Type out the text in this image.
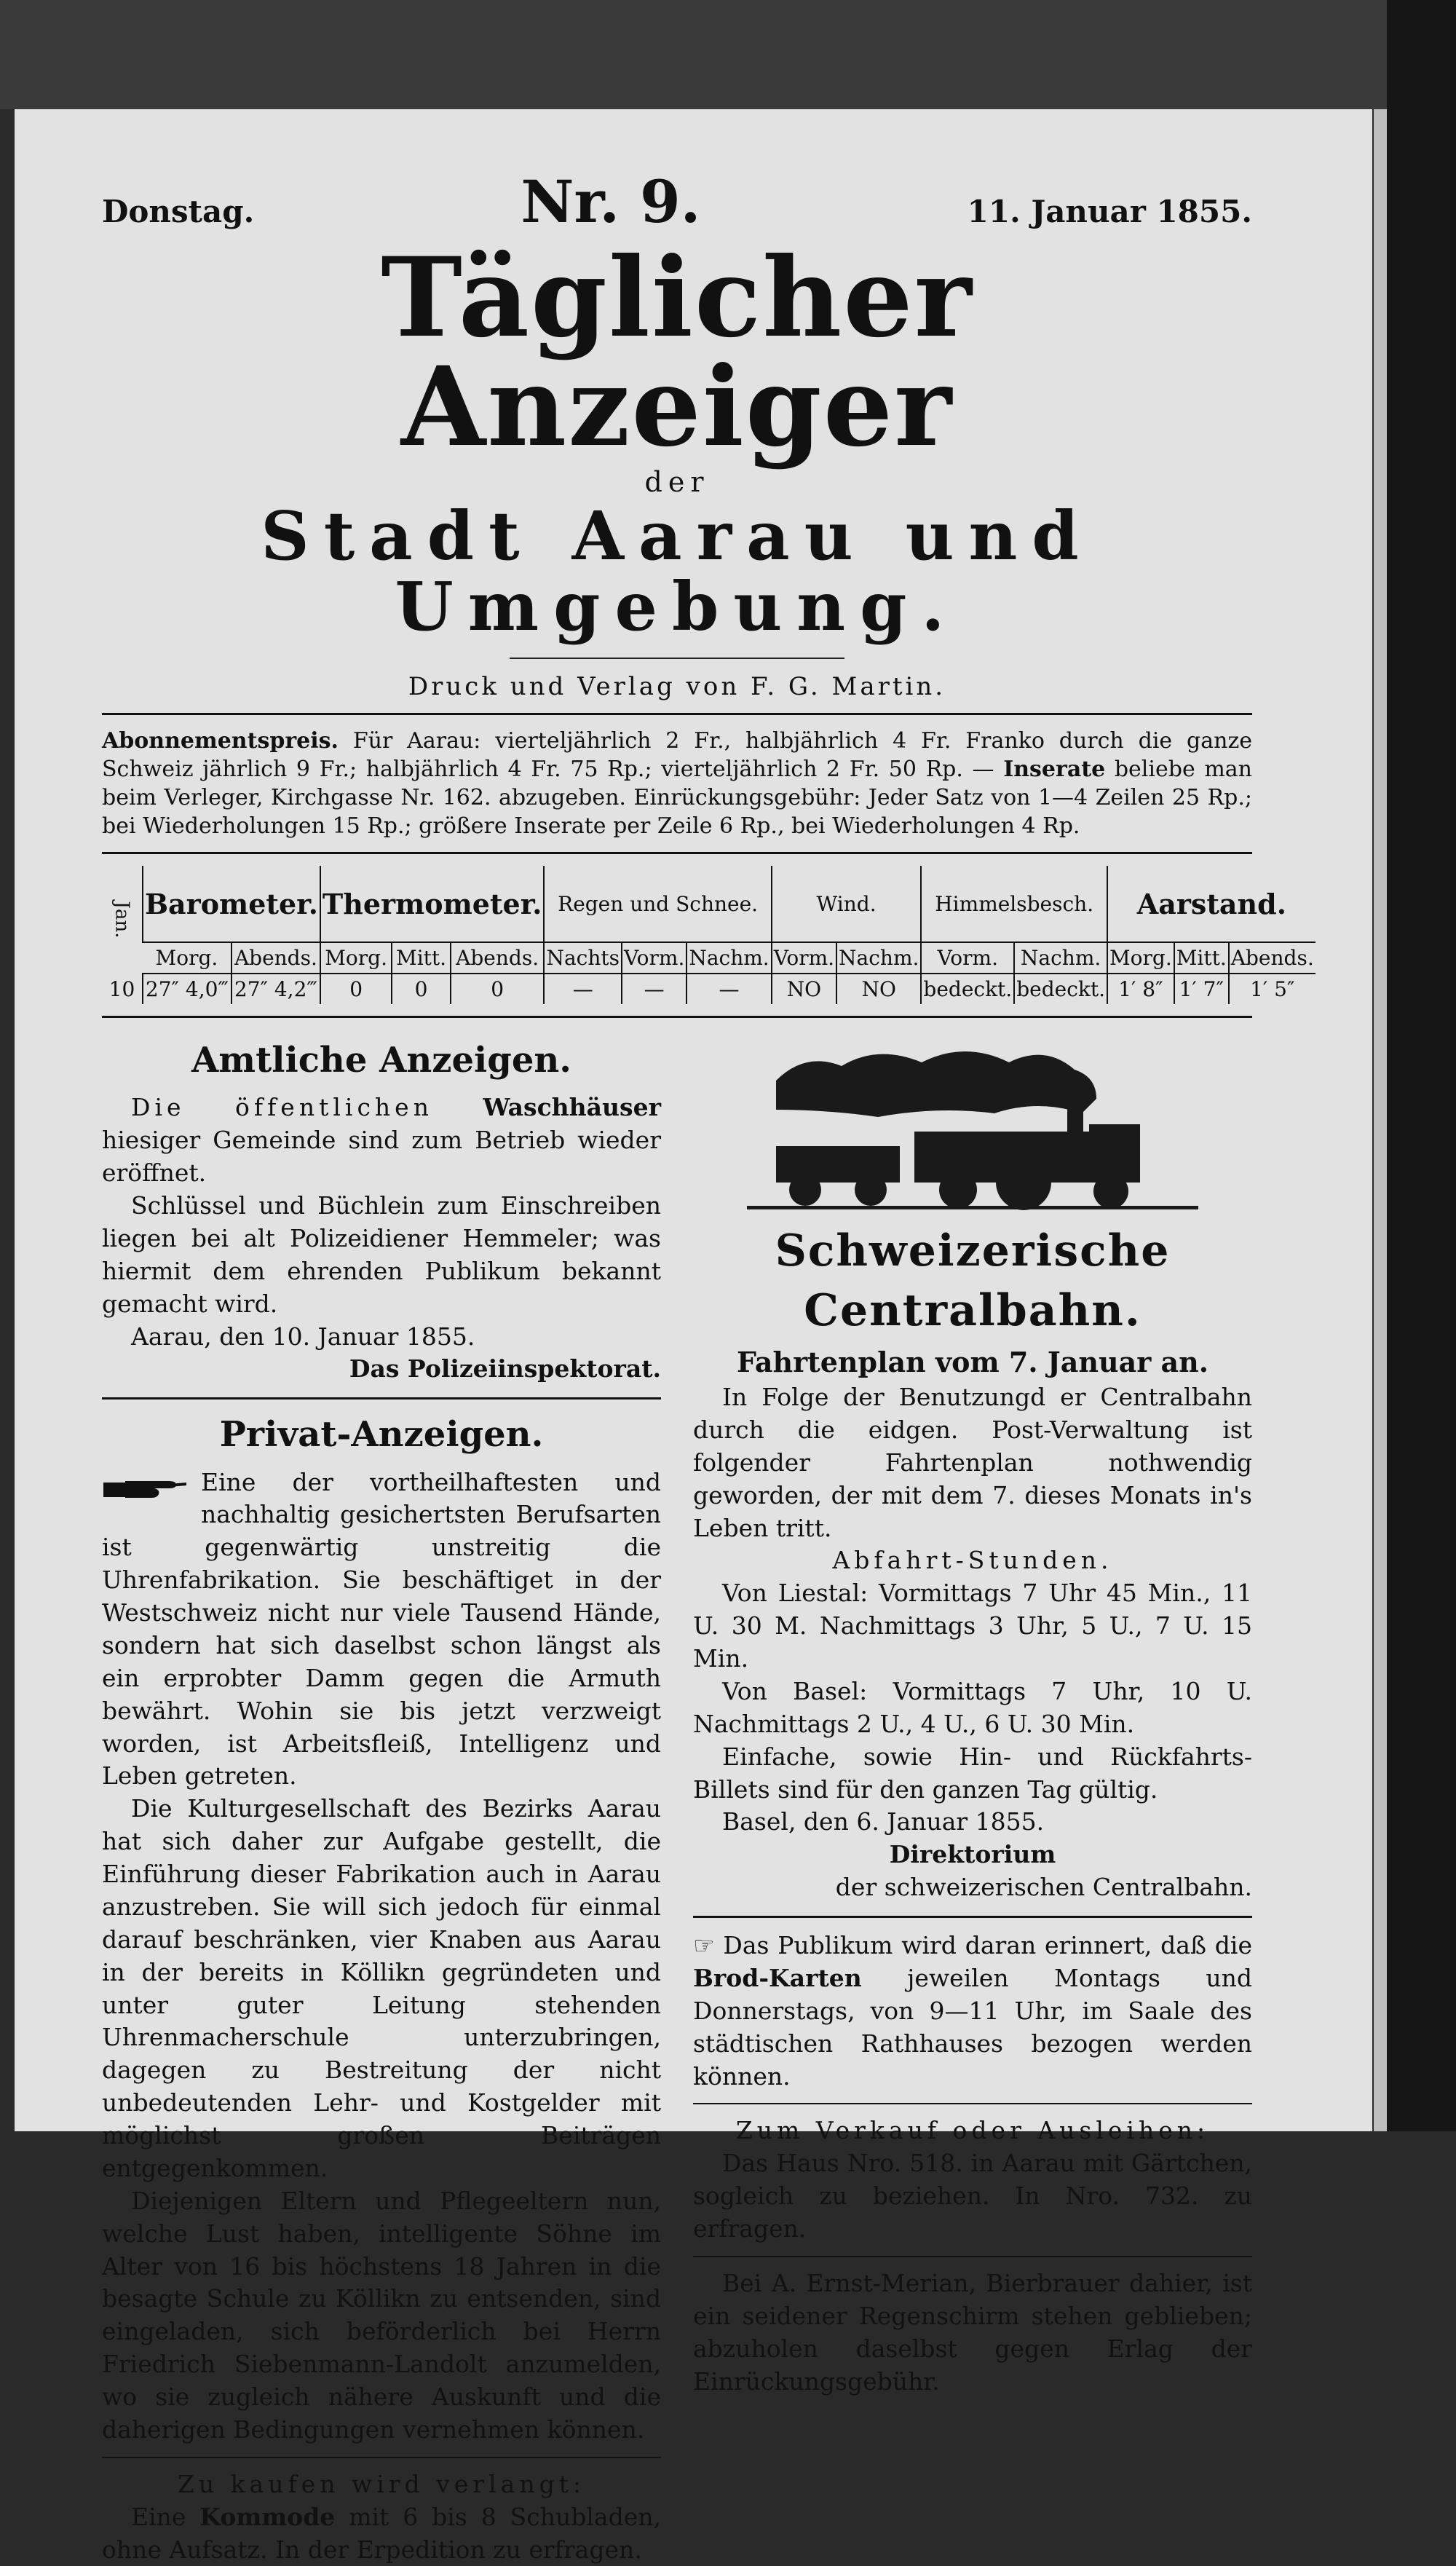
Donstag.	Nr. 9.	11. Januar 1855.
Täglicher Anzeiger
der
Stadt Aarau und Umgebung.
Druck und Verlag von F. G. Martin.
Abonnementspreis. Für Aarau: vierteljährlich 2 Fr., halbjährlich 4 Fr. Franko durch die ganze Schweiz jährlich 9 Fr.; halbjährlich 4 Fr. 75 Rp.; vierteljährlich 2 Fr. 50 Rp. — Inserate beliebe man beim Verleger, Kirchgasse Nr. 162. abzugeben. Einrückungsgebühr: Jeder Satz von 1—4 Zeilen 25 Rp.; bei Wiederholungen 15 Rp.; größere Inserate per Zeile 6 Rp., bei Wiederholungen 4 Rp.
Jan.	Barometer.		Thermometer.			Regen und Schnee.			Wind.		Himmelsbesch.		Aarstand.		
	Morg.	Abends.	Morg.	Mitt.	Abends.	Nachts	Vorm.	Nachm.	Vorm.	Nachm.	Vorm.	Nachm.	Morg.	Mitt.	Abends.
10	27″ 4,0‴	27″ 4,2‴	0	0	0	—	—	—	NO	NO	bedeckt.	bedeckt.	1′ 8″	1′ 7″	1′ 5″
Amtliche Anzeigen.

Die öffentlichen Waschhäuser hiesiger Gemeinde sind zum Betrieb wieder eröffnet.

Schlüssel und Büchlein zum Einschreiben liegen bei alt Polizeidiener Hemmeler; was hiermit dem ehrenden Publikum bekannt gemacht wird.

Aarau, den 10. Januar 1855.

Das Polizeiinspektorat.

Privat-Anzeigen.

Eine der vortheilhaftesten und nachhaltig gesichertsten Berufsarten ist gegenwärtig unstreitig die Uhrenfabrikation. Sie beschäftiget in der Westschweiz nicht nur viele Tausend Hände, sondern hat sich daselbst schon längst als ein erprobter Damm gegen die Armuth bewährt. Wohin sie bis jetzt verzweigt worden, ist Arbeitsfleiß, Intelligenz und Leben getreten.

Die Kulturgesellschaft des Bezirks Aarau hat sich daher zur Aufgabe gestellt, die Einführung dieser Fabrikation auch in Aarau anzustreben. Sie will sich jedoch für einmal darauf beschränken, vier Knaben aus Aarau in der bereits in Köllikn gegründeten und unter guter Leitung stehenden Uhrenmacherschule unterzubringen, dagegen zu Bestreitung der nicht unbedeutenden Lehr- und Kostgelder mit möglichst großen Beiträgen entgegenkommen.

Diejenigen Eltern und Pflegeeltern nun, welche Lust haben, intelligente Söhne im Alter von 16 bis höchstens 18 Jahren in die besagte Schule zu Köllikn zu entsenden, sind eingeladen, sich beförderlich bei Herrn Friedrich Siebenmann-Landolt anzumelden, wo sie zugleich nähere Auskunft und die daherigen Bedingungen vernehmen können.

Zu kaufen wird verlangt:

Eine Kommode mit 6 bis 8 Schubladen, ohne Aufsatz. In der Erpedition zu erfragen.

Schweizerische Centralbahn.
Fahrtenplan vom 7. Januar an.

In Folge der Benutzungd er Centralbahn durch die eidgen. Post-Verwaltung ist folgender Fahrtenplan nothwendig geworden, der mit dem 7. dieses Monats in's Leben tritt.

Abfahrt-Stunden.

Von Liestal: Vormittags 7 Uhr 45 Min., 11 U. 30 M. Nachmittags 3 Uhr, 5 U., 7 U. 15 Min.

Von Basel: Vormittags 7 Uhr, 10 U. Nachmittags 2 U., 4 U., 6 U. 30 Min.

Einfache, sowie Hin- und Rückfahrts-Billets sind für den ganzen Tag gültig.

Basel, den 6. Januar 1855.

Direktorium

der schweizerischen Centralbahn.

☞ Das Publikum wird daran erinnert, daß die Brod-Karten jeweilen Montags und Donnerstags, von 9—11 Uhr, im Saale des städtischen Rathhauses bezogen werden können.

Zum Verkauf oder Ausleihen:

Das Haus Nro. 518. in Aarau mit Gärtchen, sogleich zu beziehen. In Nro. 732. zu erfragen.

Bei A. Ernst-Merian, Bierbrauer dahier, ist ein seidener Regenschirm stehen geblieben; abzuholen daselbst gegen Erlag der Einrückungsgebühr.
